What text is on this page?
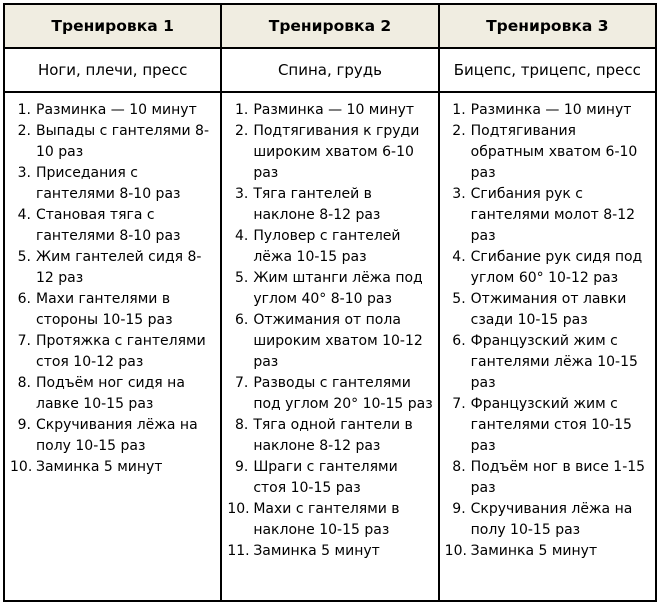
Тренировка 1
Ноги, плечи, пресс
1. Разминка — 10 минут
2. Выпады с гантелями 8-10 раз
3. Приседания с гантелями 8-10 раз
4. Становая тяга с гантелями 8-10 раз
5. Жим гантелей сидя 8-12 раз
6. Махи гантелями в стороны 10-15 раз
7. Протяжка с гантелями стоя 10-12 раз
8. Подъём ног сидя на лавке 10-15 раз
9. Скручивания лёжа на полу 10-15 раз
10. Заминка 5 минут
Тренировка 2
Спина, грудь
1. Разминка — 10 минут
2. Подтягивания к груди широким хватом 6-10 раз
3. Тяга гантелей в наклоне 8-12 раз
4. Пуловер с гантелей лёжа 10-15 раз
5. Жим штанги лёжа под углом 40° 8-10 раз
6. Отжимания от пола широким хватом 10-12 раз
7. Разводы с гантелями под углом 20° 10-15 раз
8. Тяга одной гантели в наклоне 8-12 раз
9. Шраги с гантелями стоя 10-15 раз
10. Махи с гантелями в наклоне 10-15 раз
11. Заминка 5 минут
Тренировка 3
Бицепс, трицепс, пресс
1. Разминка — 10 минут
2. Подтягивания обратным хватом 6-10 раз
3. Сгибания рук с гантелями молот 8-12 раз
4. Сгибание рук сидя под углом 60° 10-12 раз
5. Отжимания от лавки сзади 10-15 раз
6. Французский жим с гантелями лёжа 10-15 раз
7. Французский жим с гантелями стоя 10-15 раз
8. Подъём ног в висе 1-15 раз
9. Скручивания лёжа на полу 10-15 раз
10. Заминка 5 минут
